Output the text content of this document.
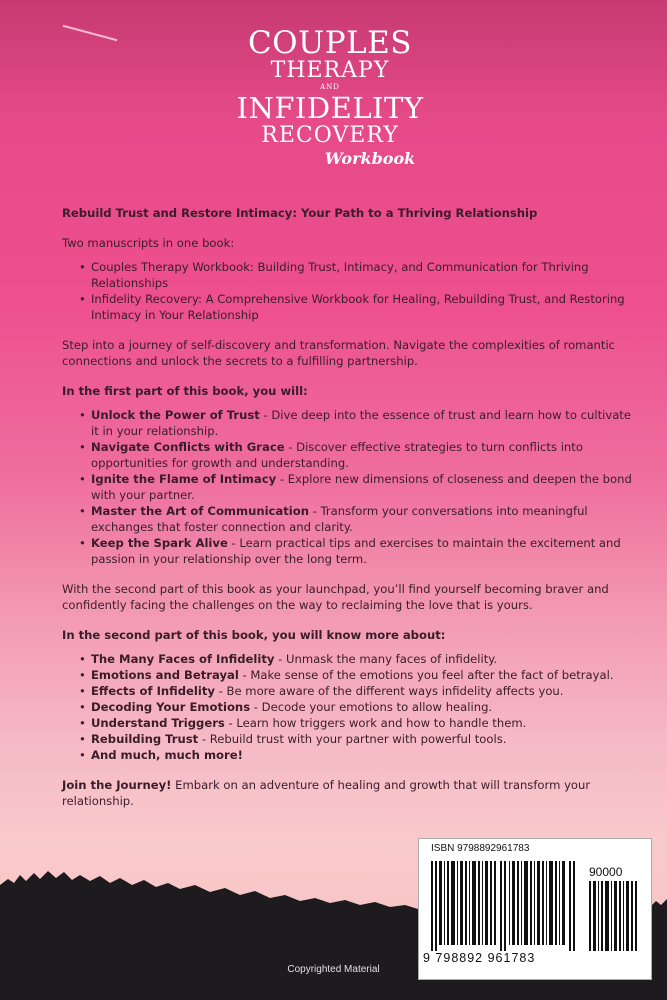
COUPLES
THERAPY
AND
INFIDELITY
RECOVERY
Workbook

Rebuild Trust and Restore Intimacy: Your Path to a Thriving Relationship

Two manuscripts in one book:

• Couples Therapy Workbook: Building Trust, Intimacy, and Communication for Thriving Relationships
• Infidelity Recovery: A Comprehensive Workbook for Healing, Rebuilding Trust, and Restoring Intimacy in Your Relationship

Step into a journey of self-discovery and transformation. Navigate the complexities of romantic connections and unlock the secrets to a fulfilling partnership.

In the first part of this book, you will:

• Unlock the Power of Trust - Dive deep into the essence of trust and learn how to cultivate it in your relationship.
• Navigate Conflicts with Grace - Discover effective strategies to turn conflicts into opportunities for growth and understanding.
• Ignite the Flame of Intimacy - Explore new dimensions of closeness and deepen the bond with your partner.
• Master the Art of Communication - Transform your conversations into meaningful exchanges that foster connection and clarity.
• Keep the Spark Alive - Learn practical tips and exercises to maintain the excitement and passion in your relationship over the long term.

With the second part of this book as your launchpad, you’ll find yourself becoming braver and confidently facing the challenges on the way to reclaiming the love that is yours.

In the second part of this book, you will know more about:

• The Many Faces of Infidelity - Unmask the many faces of infidelity.
• Emotions and Betrayal - Make sense of the emotions you feel after the fact of betrayal.
• Effects of Infidelity - Be more aware of the different ways infidelity affects you.
• Decoding Your Emotions - Decode your emotions to allow healing.
• Understand Triggers - Learn how triggers work and how to handle them.
• Rebuilding Trust - Rebuild trust with your partner with powerful tools.
• And much, much more!

Join the Journey! Embark on an adventure of healing and growth that will transform your relationship.

ISBN 9798892961783
90000
9 798892 961783
Copyrighted Material
